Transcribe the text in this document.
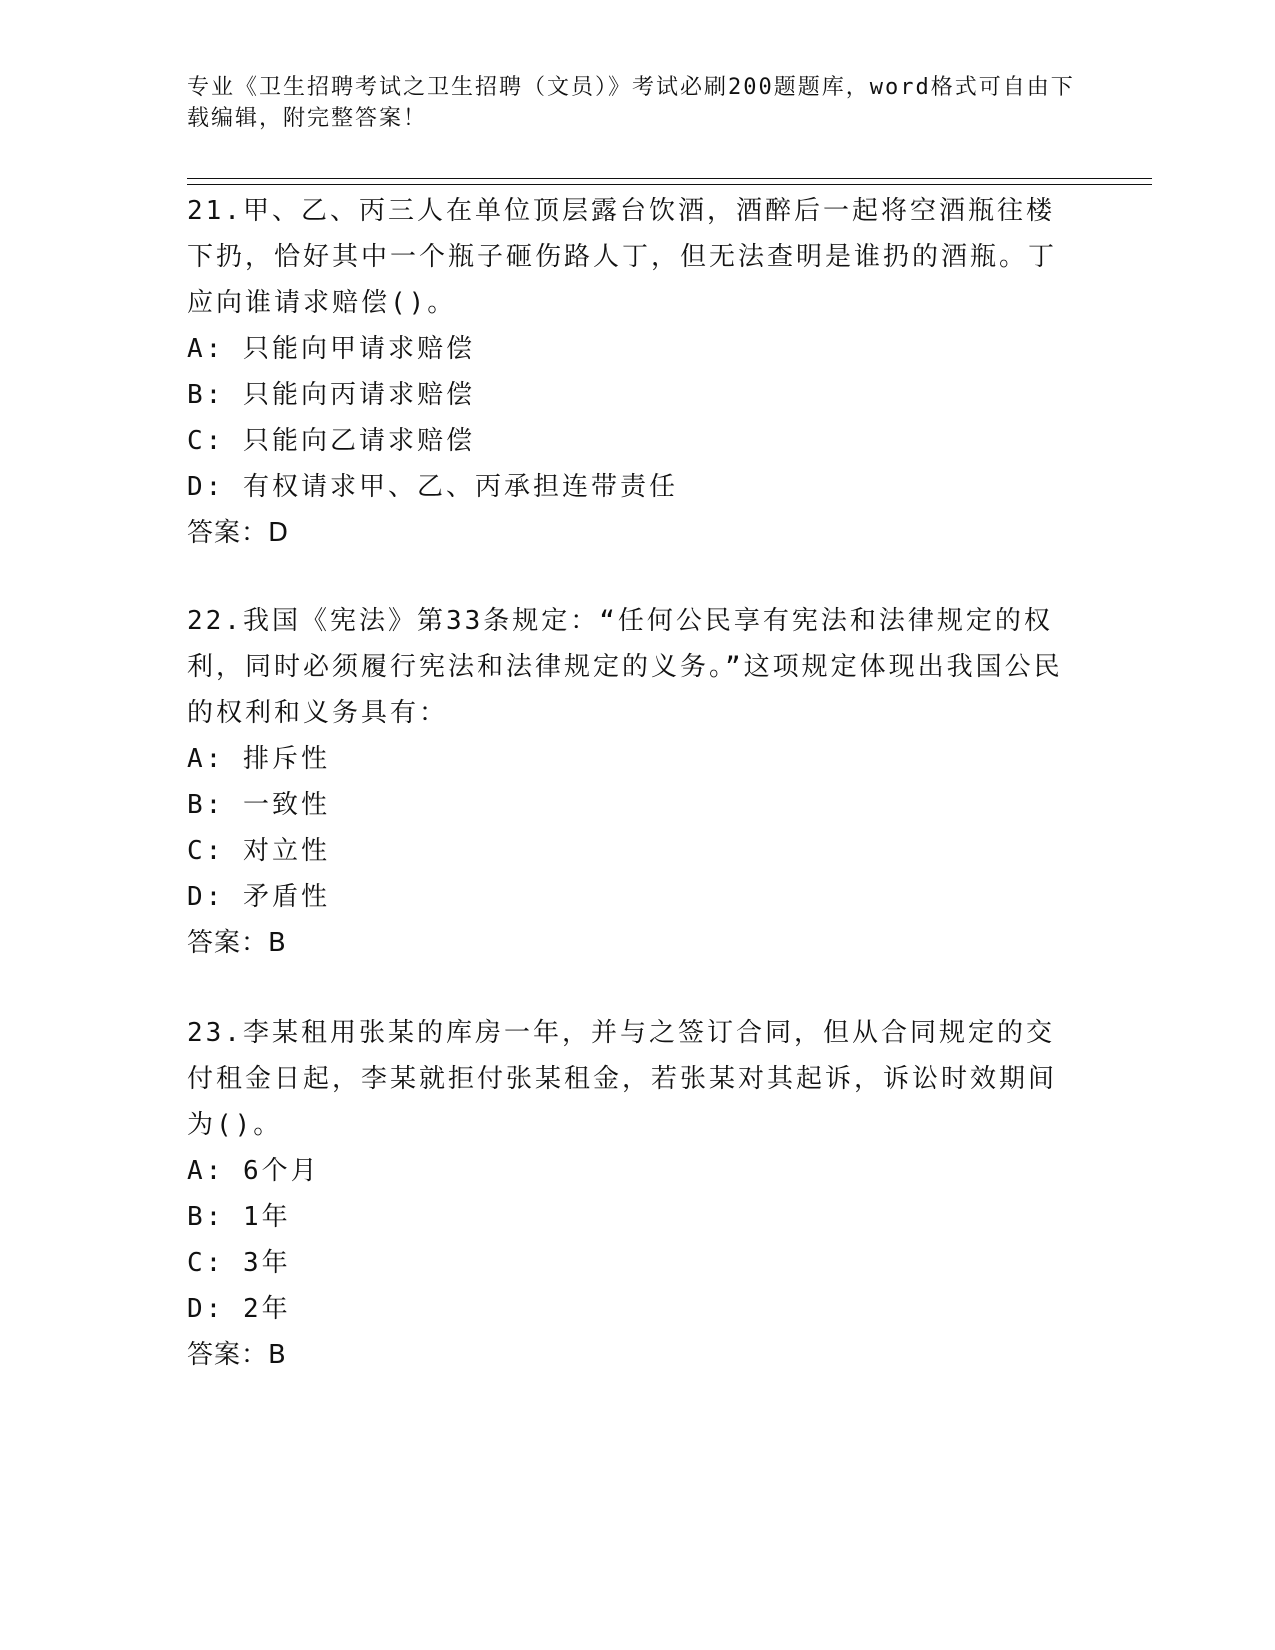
专业《卫生招聘考试之卫生招聘（文员）》考试必刷200题题库，word格式可自由下载编辑，附完整答案！
21.甲、乙、丙三人在单位顶层露台饮酒，酒醉后一起将空酒瓶往楼下扔，恰好其中一个瓶子砸伤路人丁，但无法查明是谁扔的酒瓶。丁应向谁请求赔偿()。
A: 只能向甲请求赔偿
B: 只能向丙请求赔偿
C: 只能向乙请求赔偿
D: 有权请求甲、乙、丙承担连带责任
答案：D
22.我国《宪法》第33条规定：“任何公民享有宪法和法律规定的权利，同时必须履行宪法和法律规定的义务。”这项规定体现出我国公民的权利和义务具有：
A: 排斥性
B: 一致性
C: 对立性
D: 矛盾性
答案：B
23.李某租用张某的库房一年，并与之签订合同，但从合同规定的交付租金日起，李某就拒付张某租金，若张某对其起诉，诉讼时效期间为()。
A: 6个月
B: 1年
C: 3年
D: 2年
答案：B
